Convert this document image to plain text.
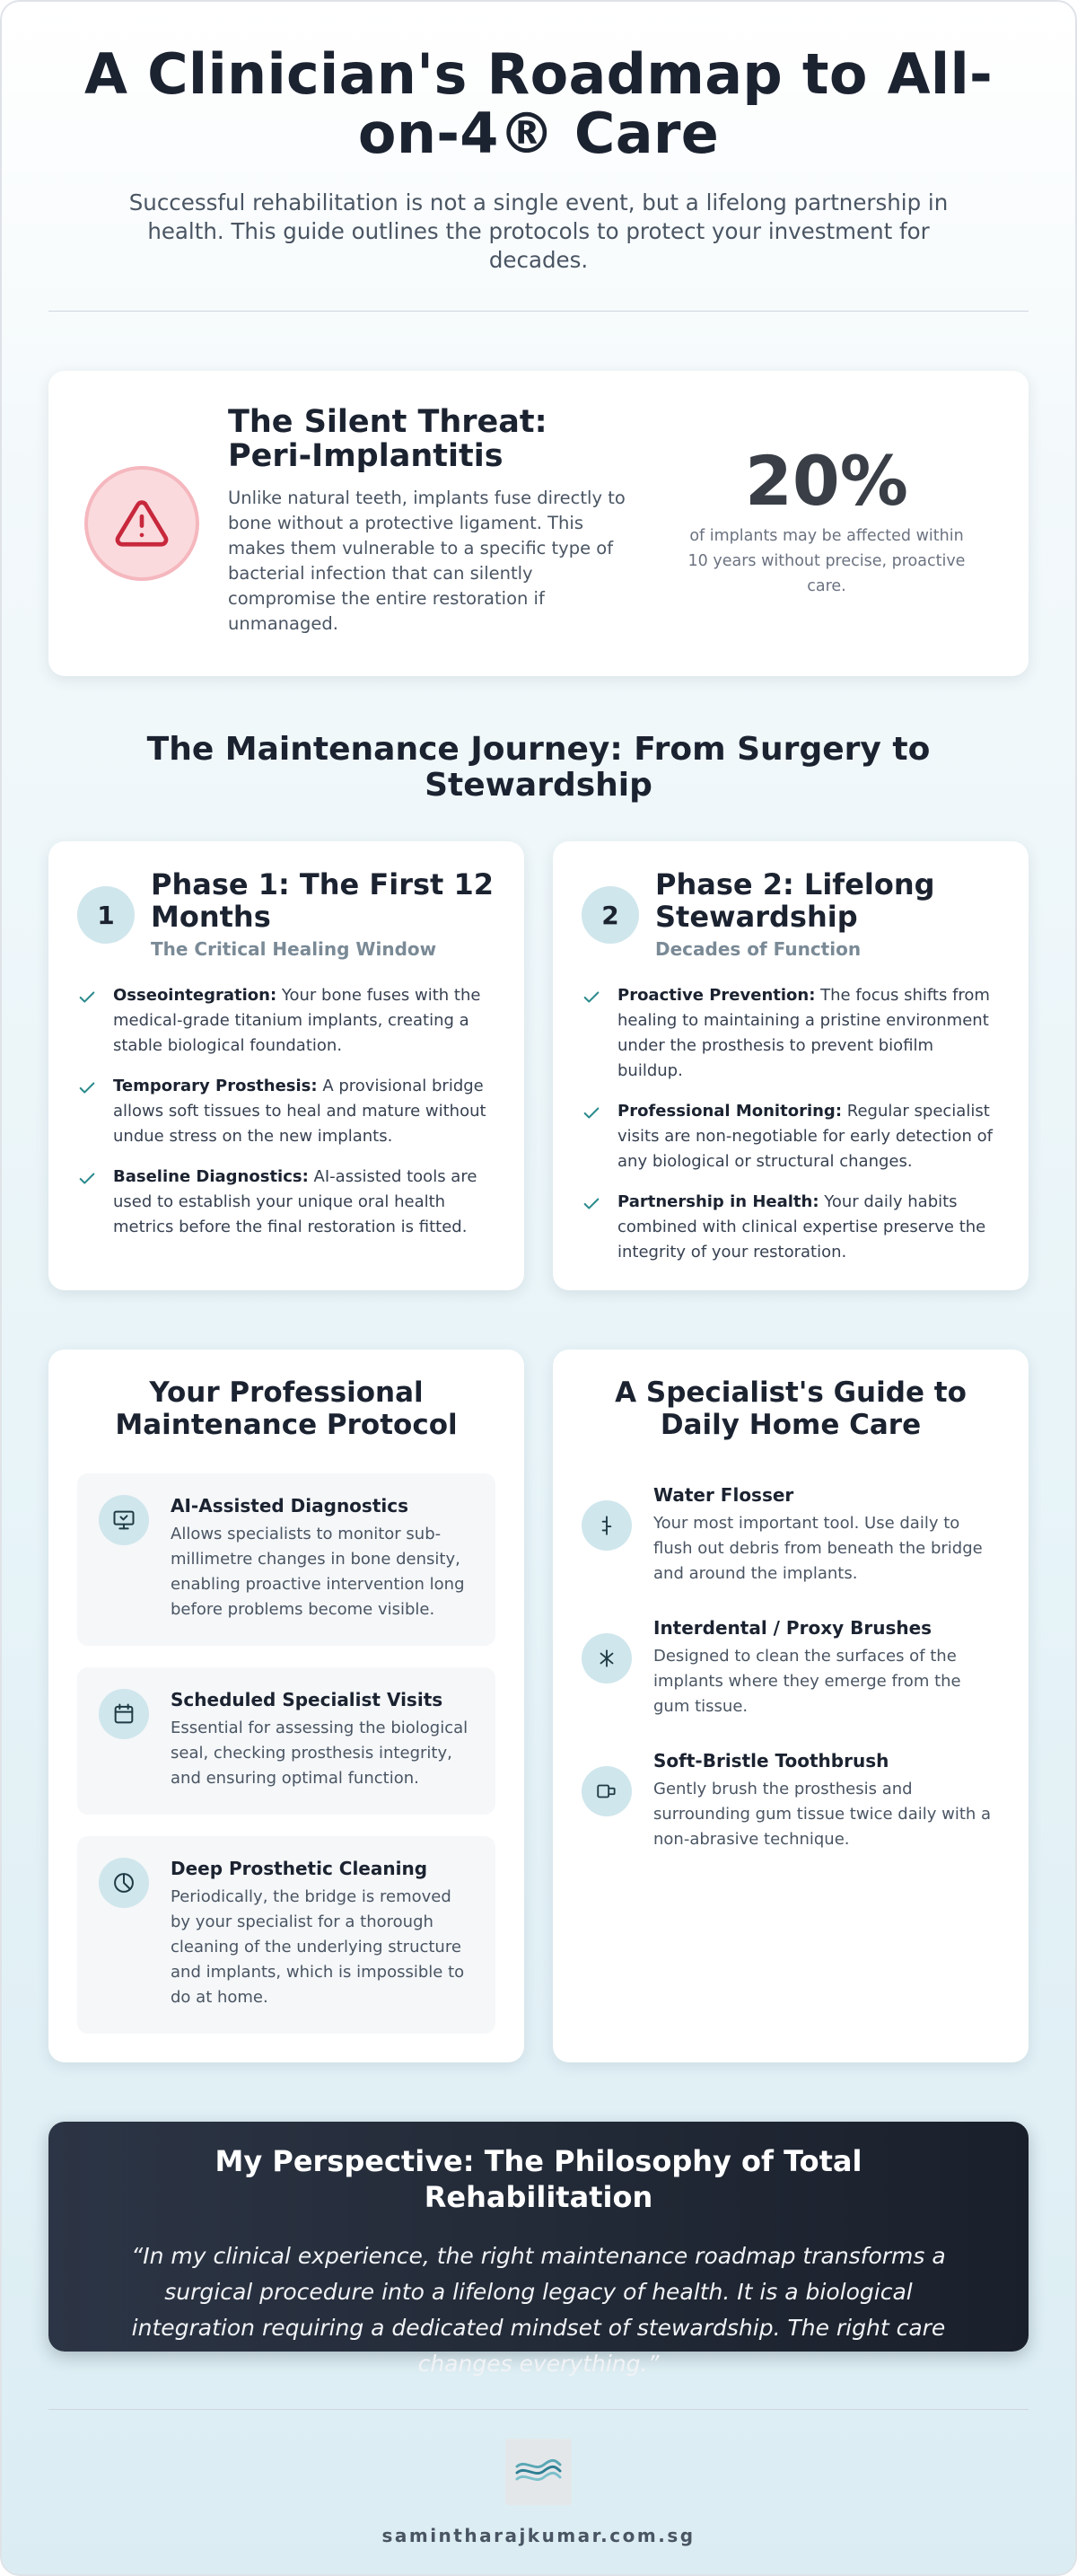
A Clinician's Roadmap to All-on-4® Care

Successful rehabilitation is not a single event, but a lifelong partnership in health. This guide outlines the protocols to protect your investment for decades.

The Silent Threat: Peri-Implantitis

Unlike natural teeth, implants fuse directly to bone without a protective ligament. This makes them vulnerable to a specific type of bacterial infection that can silently compromise the entire restoration if unmanaged.

20%
of implants may be affected within 10 years without precise, proactive care.
The Maintenance Journey: From Surgery to Stewardship
1
Phase 1: The First 12 Months
The Critical Healing Window
Osseointegration: Your bone fuses with the medical-grade titanium implants, creating a stable biological foundation.
Temporary Prosthesis: A provisional bridge allows soft tissues to heal and mature without undue stress on the new implants.
Baseline Diagnostics: AI-assisted tools are used to establish your unique oral health metrics before the final restoration is fitted.
2
Phase 2: Lifelong Stewardship
Decades of Function
Proactive Prevention: The focus shifts from healing to maintaining a pristine environment under the prosthesis to prevent biofilm buildup.
Professional Monitoring: Regular specialist visits are non-negotiable for early detection of any biological or structural changes.
Partnership in Health: Your daily habits combined with clinical expertise preserve the integrity of your restoration.
Your Professional Maintenance Protocol
AI-Assisted Diagnostics
Allows specialists to monitor sub-millimetre changes in bone density, enabling proactive intervention long before problems become visible.
Scheduled Specialist Visits
Essential for assessing the biological seal, checking prosthesis integrity, and ensuring optimal function.
Deep Prosthetic Cleaning
Periodically, the bridge is removed by your specialist for a thorough cleaning of the underlying structure and implants, which is impossible to do at home.
A Specialist's Guide to Daily Home Care
Water Flosser
Your most important tool. Use daily to flush out debris from beneath the bridge and around the implants.
Interdental / Proxy Brushes
Designed to clean the surfaces of the implants where they emerge from the gum tissue.
Soft-Bristle Toothbrush
Gently brush the prosthesis and surrounding gum tissue twice daily with a non-abrasive technique.
My Perspective: The Philosophy of Total Rehabilitation

“In my clinical experience, the right maintenance roadmap transforms a surgical procedure into a lifelong legacy of health. It is a biological integration requiring a dedicated mindset of stewardship. The right care changes everything.”

samintharajkumar.com.sg
